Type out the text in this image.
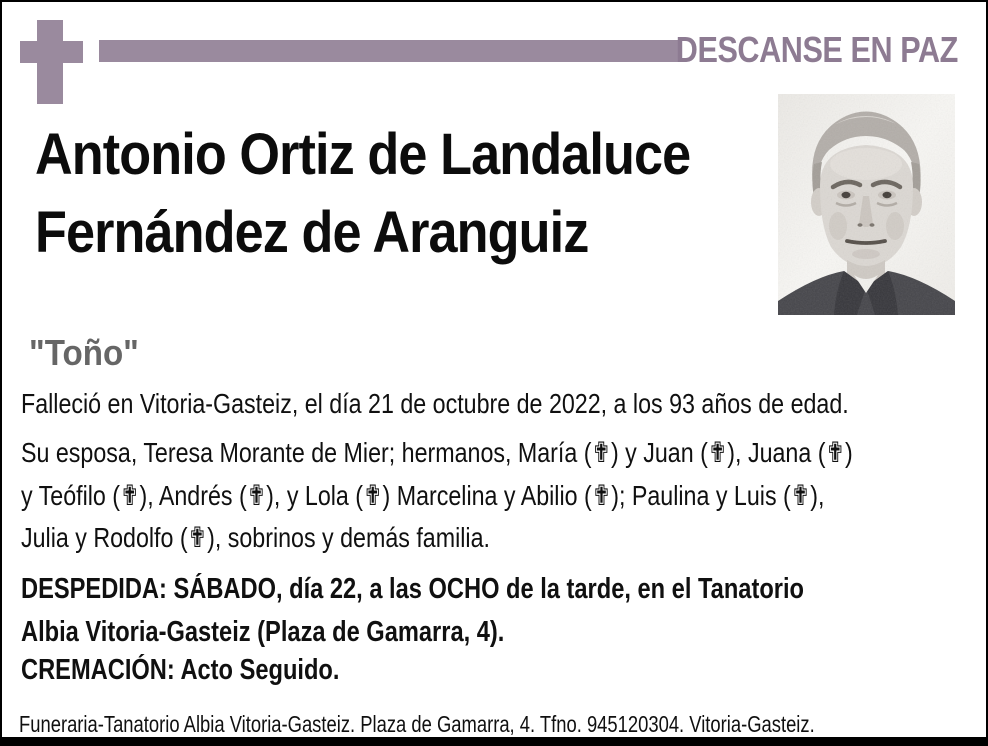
DESCANSE EN PAZ
Antonio Ortiz de Landaluce
Fernández de Aranguiz
"Toño"
Falleció en Vitoria-Gasteiz, el día 21 de octubre de 2022, a los 93 años de edad.
Su esposa, Teresa Morante de Mier; hermanos, María (✟) y Juan (✟), Juana (✟)
y Teófilo (✟), Andrés (✟), y Lola (✟) Marcelina y Abilio (✟); Paulina y Luis (✟),
Julia y Rodolfo (✟), sobrinos y demás familia.
DESPEDIDA: SÁBADO, día 22, a las OCHO de la tarde, en el Tanatorio
Albia Vitoria-Gasteiz (Plaza de Gamarra, 4).
CREMACIÓN: Acto Seguido.
Funeraria-Tanatorio Albia Vitoria-Gasteiz. Plaza de Gamarra, 4. Tfno. 945120304. Vitoria-Gasteiz.
